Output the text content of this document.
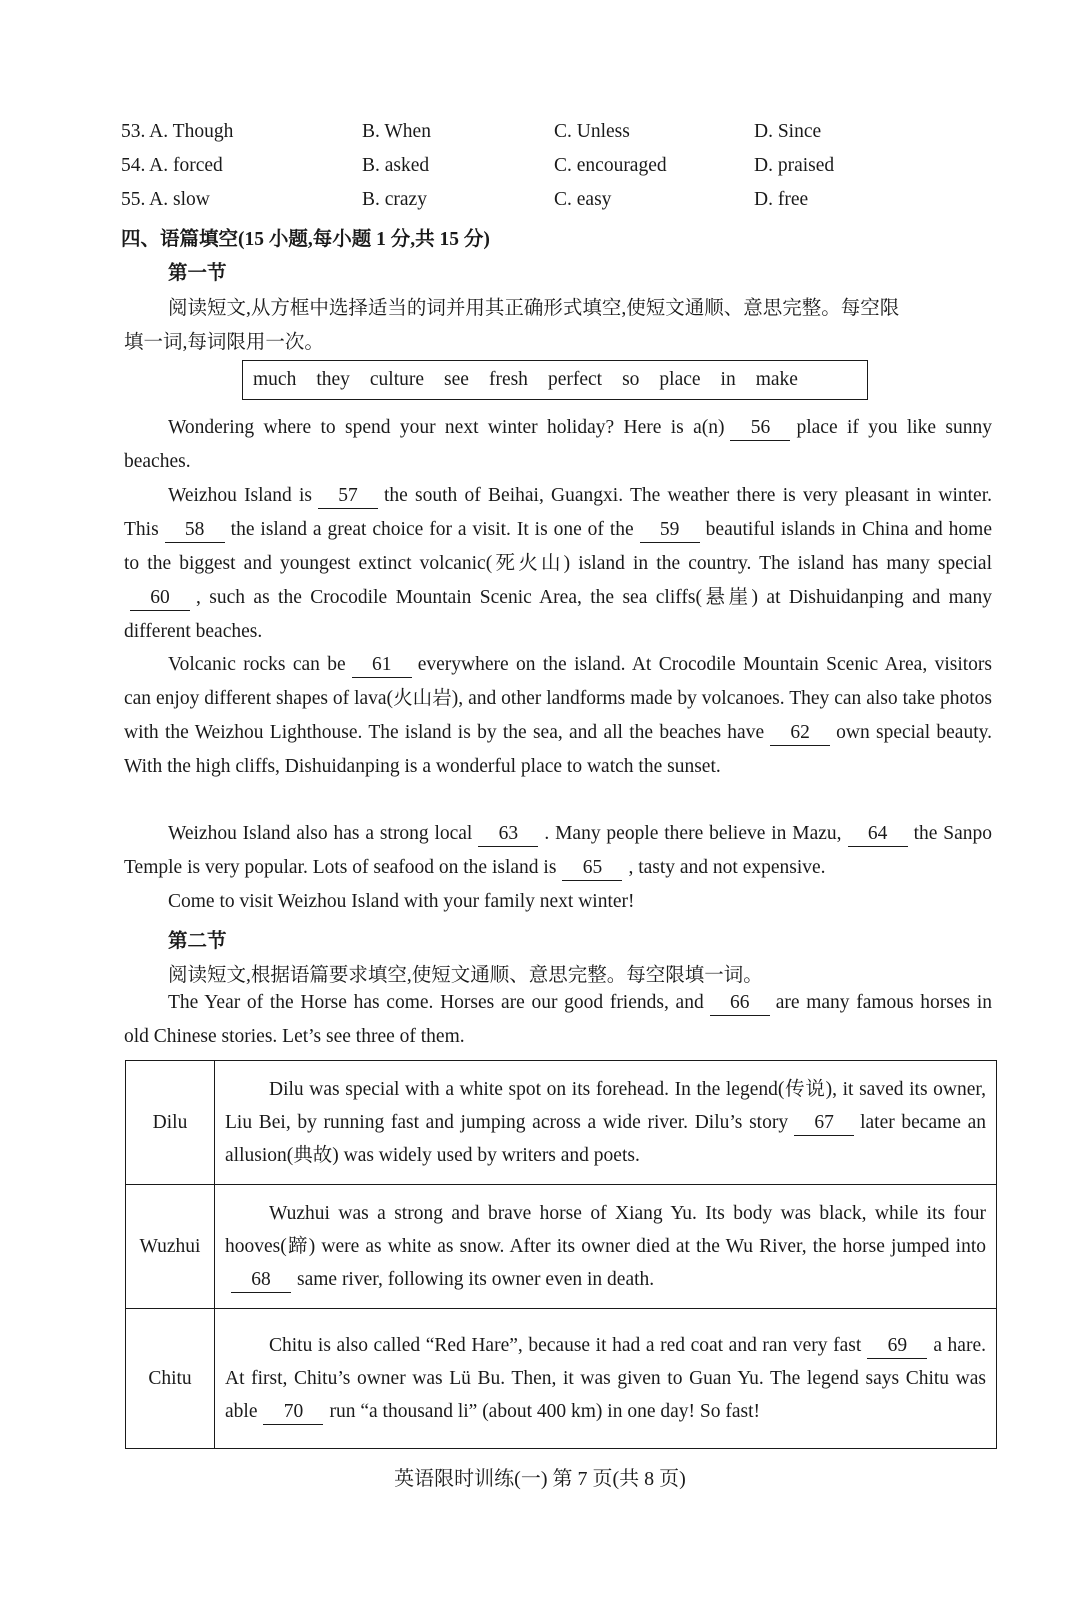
53. A. Though	B. When	C. Unless	D. Since
54. A. forced	B. asked	C. encouraged	D. praised
55. A. slow	B. crazy	C. easy	D. free
四、语篇填空(15 小题,每小题 1 分,共 15 分)
第一节
阅读短文,从方框中选择适当的词并用其正确形式填空,使短文通顺、意思完整。每空限
填一词,每词限用一次。
much they culture see fresh perfect so place in make
Wondering where to spend your next winter holiday? Here is a(n) 56 place if you like sunny beaches.
Weizhou Island is 57 the south of Beihai, Guangxi. The weather there is very pleasant in winter. This 58 the island a great choice for a visit. It is one of the 59 beautiful islands in China and home to the biggest and youngest extinct volcanic(死火山) island in the country. The island has many special60 , such as the Crocodile Mountain Scenic Area, the sea cliffs(悬崖) at Dishuidanping and many different beaches.
Volcanic rocks can be 61 everywhere on the island. At Crocodile Mountain Scenic Area, visitors can enjoy different shapes of lava(火山岩), and other landforms made by volcanoes. They can also take photos with the Weizhou Lighthouse. The island is by the sea, and all the beaches have 62 own special beauty. With the high cliffs, Dishuidanping is a wonderful place to watch the sunset.
Weizhou Island also has a strong local 63 . Many people there believe in Mazu, 64 the Sanpo Temple is very popular. Lots of seafood on the island is 65 , tasty and not expensive.
Come to visit Weizhou Island with your family next winter!
第二节
阅读短文,根据语篇要求填空,使短文通顺、意思完整。每空限填一词。
The Year of the Horse has come. Horses are our good friends, and 66 are many famous horses in old Chinese stories. Let’s see three of them.
Dilu	Dilu was special with a white spot on its forehead. In the legend(传说), it saved its owner, Liu Bei, by running fast and jumping across a wide river. Dilu’s story 67 later became an allusion(典故) was widely used by writers and poets.

Wuzhui	Wuzhui was a strong and brave horse of Xiang Yu. Its body was black, while its four hooves(蹄) were as white as snow. After its owner died at the Wu River, the horse jumped into68 same river, following its owner even in death.

Chitu	Chitu is also called “Red Hare”, because it had a red coat and ran very fast 69 a hare. At first, Chitu’s owner was Lü Bu. Then, it was given to Guan Yu. The legend says Chitu was able 70 run “a thousand li” (about 400 km) in one day! So fast!
英语限时训练(一) 第 7 页(共 8 页)
